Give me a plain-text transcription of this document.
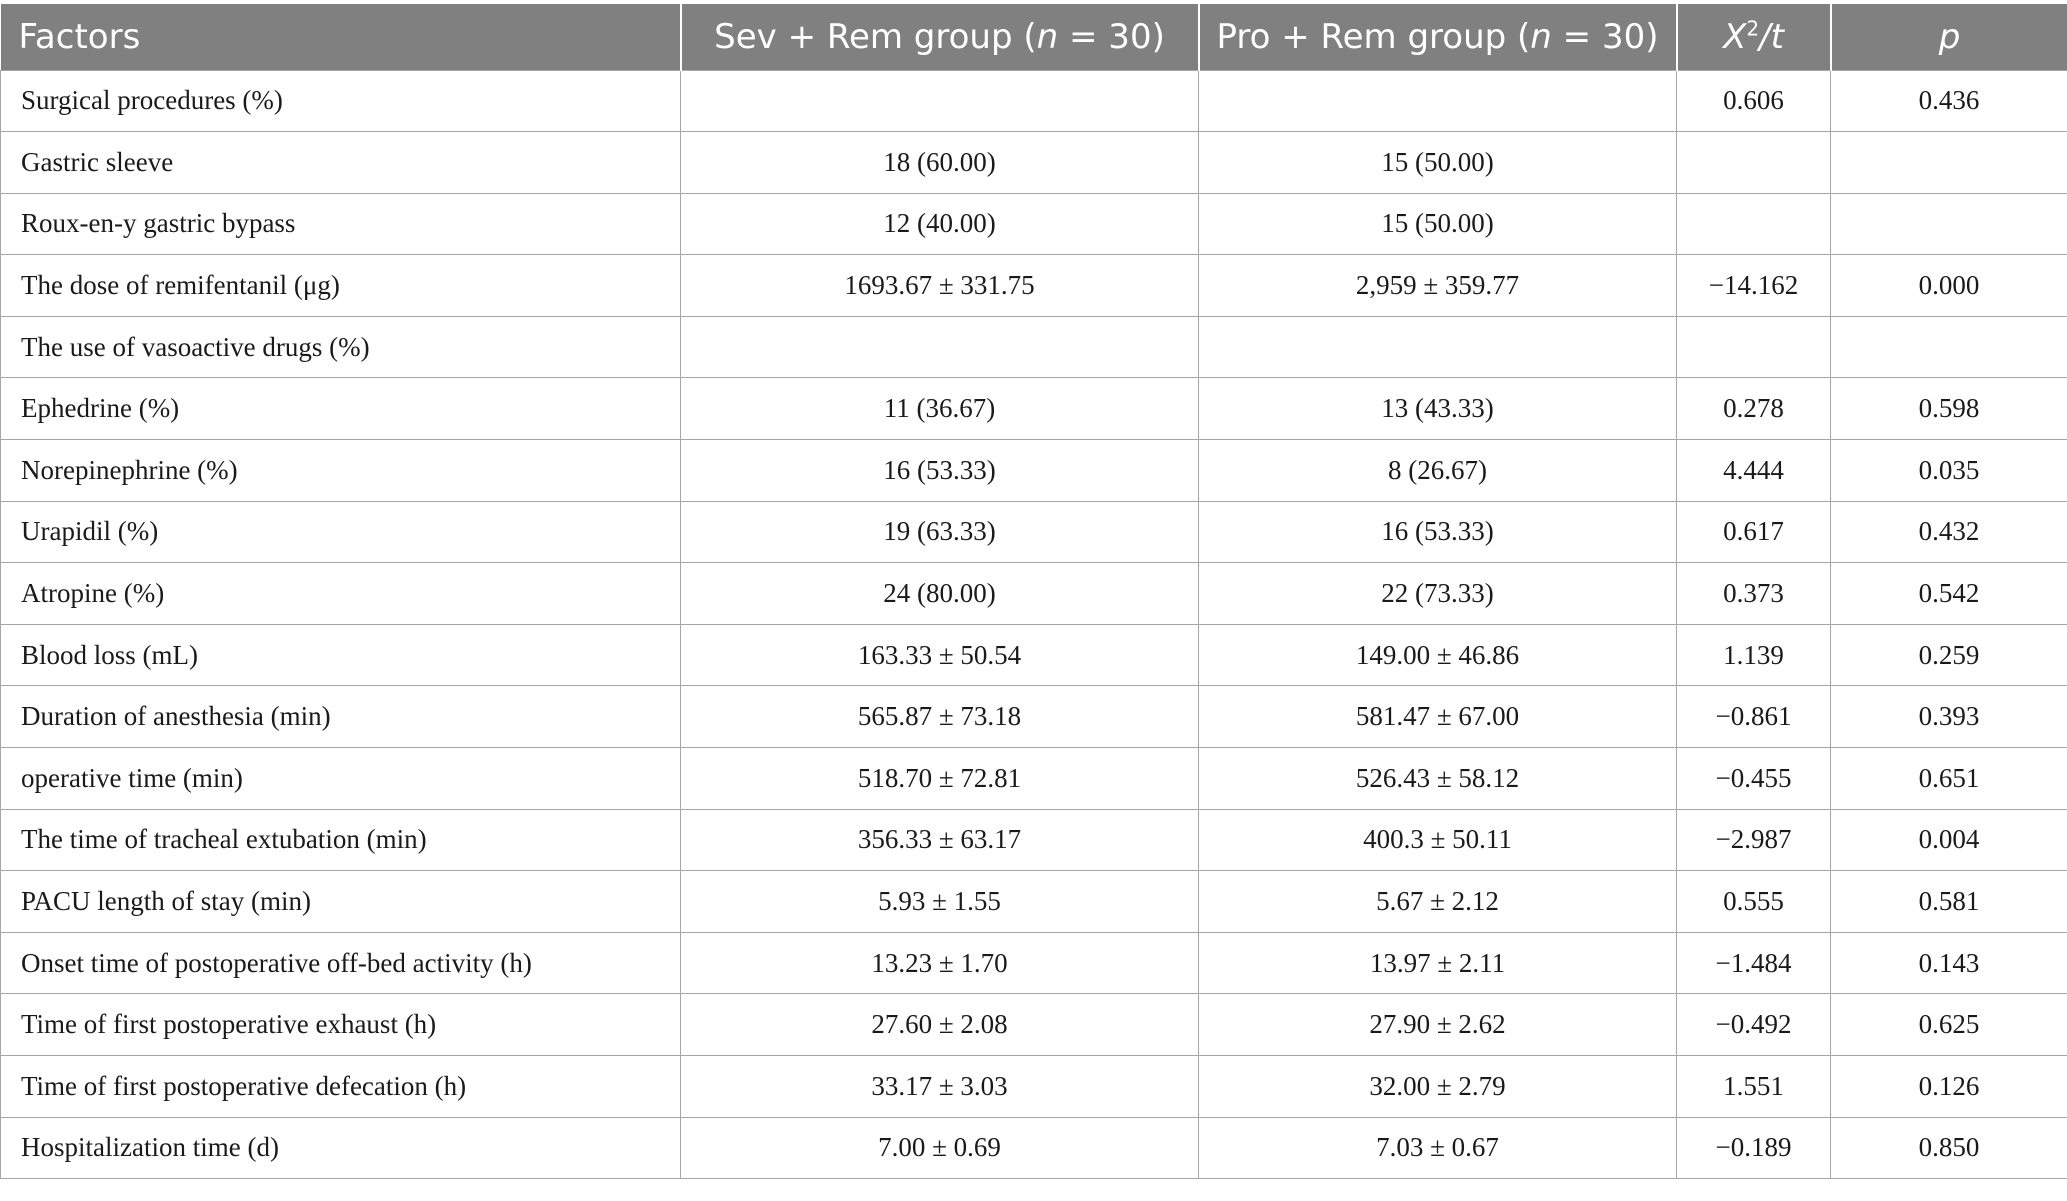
Factors	Sev + Rem group (n = 30)	Pro + Rem group (n = 30)	$X^2/t$	p
Surgical procedures (%)			0.606	0.436
Gastric sleeve	18 (60.00)	15 (50.00)		
Roux-en-y gastric bypass	12 (40.00)	15 (50.00)		
The dose of remifentanil (μg)	1693.67 ± 331.75	2,959 ± 359.77	−14.162	0.000
The use of vasoactive drugs (%)				
Ephedrine (%)	11 (36.67)	13 (43.33)	0.278	0.598
Norepinephrine (%)	16 (53.33)	8 (26.67)	4.444	0.035
Urapidil (%)	19 (63.33)	16 (53.33)	0.617	0.432
Atropine (%)	24 (80.00)	22 (73.33)	0.373	0.542
Blood loss (mL)	163.33 ± 50.54	149.00 ± 46.86	1.139	0.259
Duration of anesthesia (min)	565.87 ± 73.18	581.47 ± 67.00	−0.861	0.393
operative time (min)	518.70 ± 72.81	526.43 ± 58.12	−0.455	0.651
The time of tracheal extubation (min)	356.33 ± 63.17	400.3 ± 50.11	−2.987	0.004
PACU length of stay (min)	5.93 ± 1.55	5.67 ± 2.12	0.555	0.581
Onset time of postoperative off-bed activity (h)	13.23 ± 1.70	13.97 ± 2.11	−1.484	0.143
Time of first postoperative exhaust (h)	27.60 ± 2.08	27.90 ± 2.62	−0.492	0.625
Time of first postoperative defecation (h)	33.17 ± 3.03	32.00 ± 2.79	1.551	0.126
Hospitalization time (d)	7.00 ± 0.69	7.03 ± 0.67	−0.189	0.850
